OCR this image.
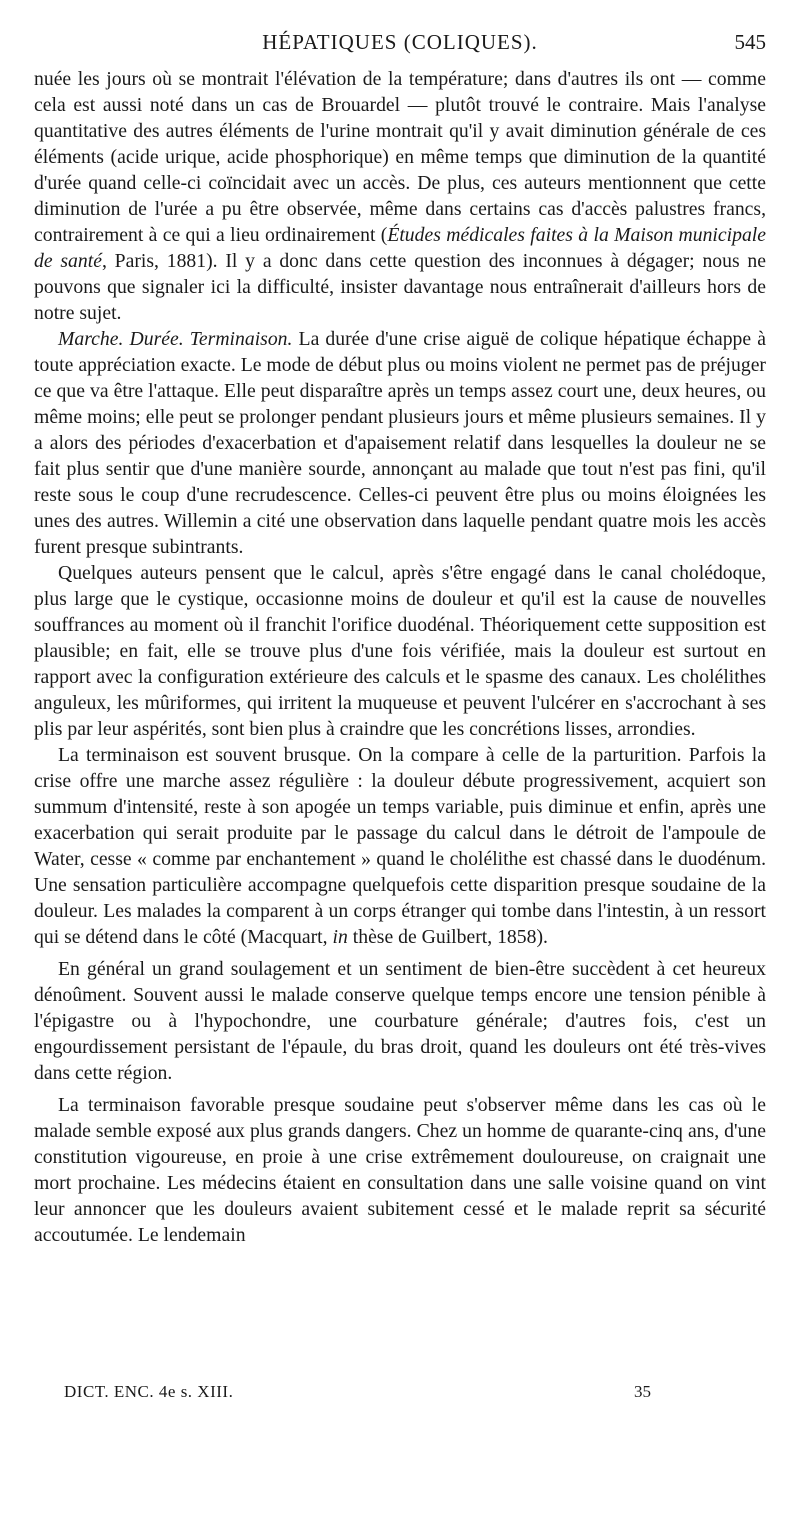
HÉPATIQUES (COLIQUES).	545

nuée les jours où se montrait l'élévation de la température; dans d'autres ils ont — comme cela est aussi noté dans un cas de Brouardel — plutôt trouvé le contraire. Mais l'analyse quantitative des autres éléments de l'urine montrait qu'il y avait diminution générale de ces éléments (acide urique, acide phosphorique) en même temps que diminution de la quantité d'urée quand celle-ci coïncidait avec un accès. De plus, ces auteurs mentionnent que cette diminution de l'urée a pu être observée, même dans certains cas d'accès palustres francs, contrairement à ce qui a lieu ordinairement (Études médicales faites à la Maison municipale de santé, Paris, 1881). Il y a donc dans cette question des inconnues à dégager; nous ne pouvons que signaler ici la difficulté, insister davantage nous entraînerait d'ailleurs hors de notre sujet.

Marche. Durée. Terminaison. La durée d'une crise aiguë de colique hépatique échappe à toute appréciation exacte. Le mode de début plus ou moins violent ne permet pas de préjuger ce que va être l'attaque. Elle peut disparaître après un temps assez court une, deux heures, ou même moins; elle peut se prolonger pendant plusieurs jours et même plusieurs semaines. Il y a alors des périodes d'exacerbation et d'apaisement relatif dans lesquelles la douleur ne se fait plus sentir que d'une manière sourde, annonçant au malade que tout n'est pas fini, qu'il reste sous le coup d'une recrudescence. Celles-ci peuvent être plus ou moins éloignées les unes des autres. Willemin a cité une observation dans laquelle pendant quatre mois les accès furent presque subintrants.

Quelques auteurs pensent que le calcul, après s'être engagé dans le canal cholédoque, plus large que le cystique, occasionne moins de douleur et qu'il est la cause de nouvelles souffrances au moment où il franchit l'orifice duodénal. Théoriquement cette supposition est plausible; en fait, elle se trouve plus d'une fois vérifiée, mais la douleur est surtout en rapport avec la configuration extérieure des calculs et le spasme des canaux. Les cholélithes anguleux, les mûriformes, qui irritent la muqueuse et peuvent l'ulcérer en s'accrochant à ses plis par leur aspérités, sont bien plus à craindre que les concrétions lisses, arrondies.

La terminaison est souvent brusque. On la compare à celle de la parturition. Parfois la crise offre une marche assez régulière : la douleur débute progressivement, acquiert son summum d'intensité, reste à son apogée un temps variable, puis diminue et enfin, après une exacerbation qui serait produite par le passage du calcul dans le détroit de l'ampoule de Water, cesse « comme par enchantement » quand le cholélithe est chassé dans le duodénum. Une sensation particulière accompagne quelquefois cette disparition presque soudaine de la douleur. Les malades la comparent à un corps étranger qui tombe dans l'intestin, à un ressort qui se détend dans le côté (Macquart, in thèse de Guilbert, 1858).

En général un grand soulagement et un sentiment de bien-être succèdent à cet heureux dénoûment. Souvent aussi le malade conserve quelque temps encore une tension pénible à l'épigastre ou à l'hypochondre, une courbature générale; d'autres fois, c'est un engourdissement persistant de l'épaule, du bras droit, quand les douleurs ont été très-vives dans cette région.

La terminaison favorable presque soudaine peut s'observer même dans les cas où le malade semble exposé aux plus grands dangers. Chez un homme de quarante-cinq ans, d'une constitution vigoureuse, en proie à une crise extrêmement douloureuse, on craignait une mort prochaine. Les médecins étaient en consultation dans une salle voisine quand on vint leur annoncer que les douleurs avaient subitement cessé et le malade reprit sa sécurité accoutumée. Le lendemain

DICT. ENC. 4e s. XIII.	35
